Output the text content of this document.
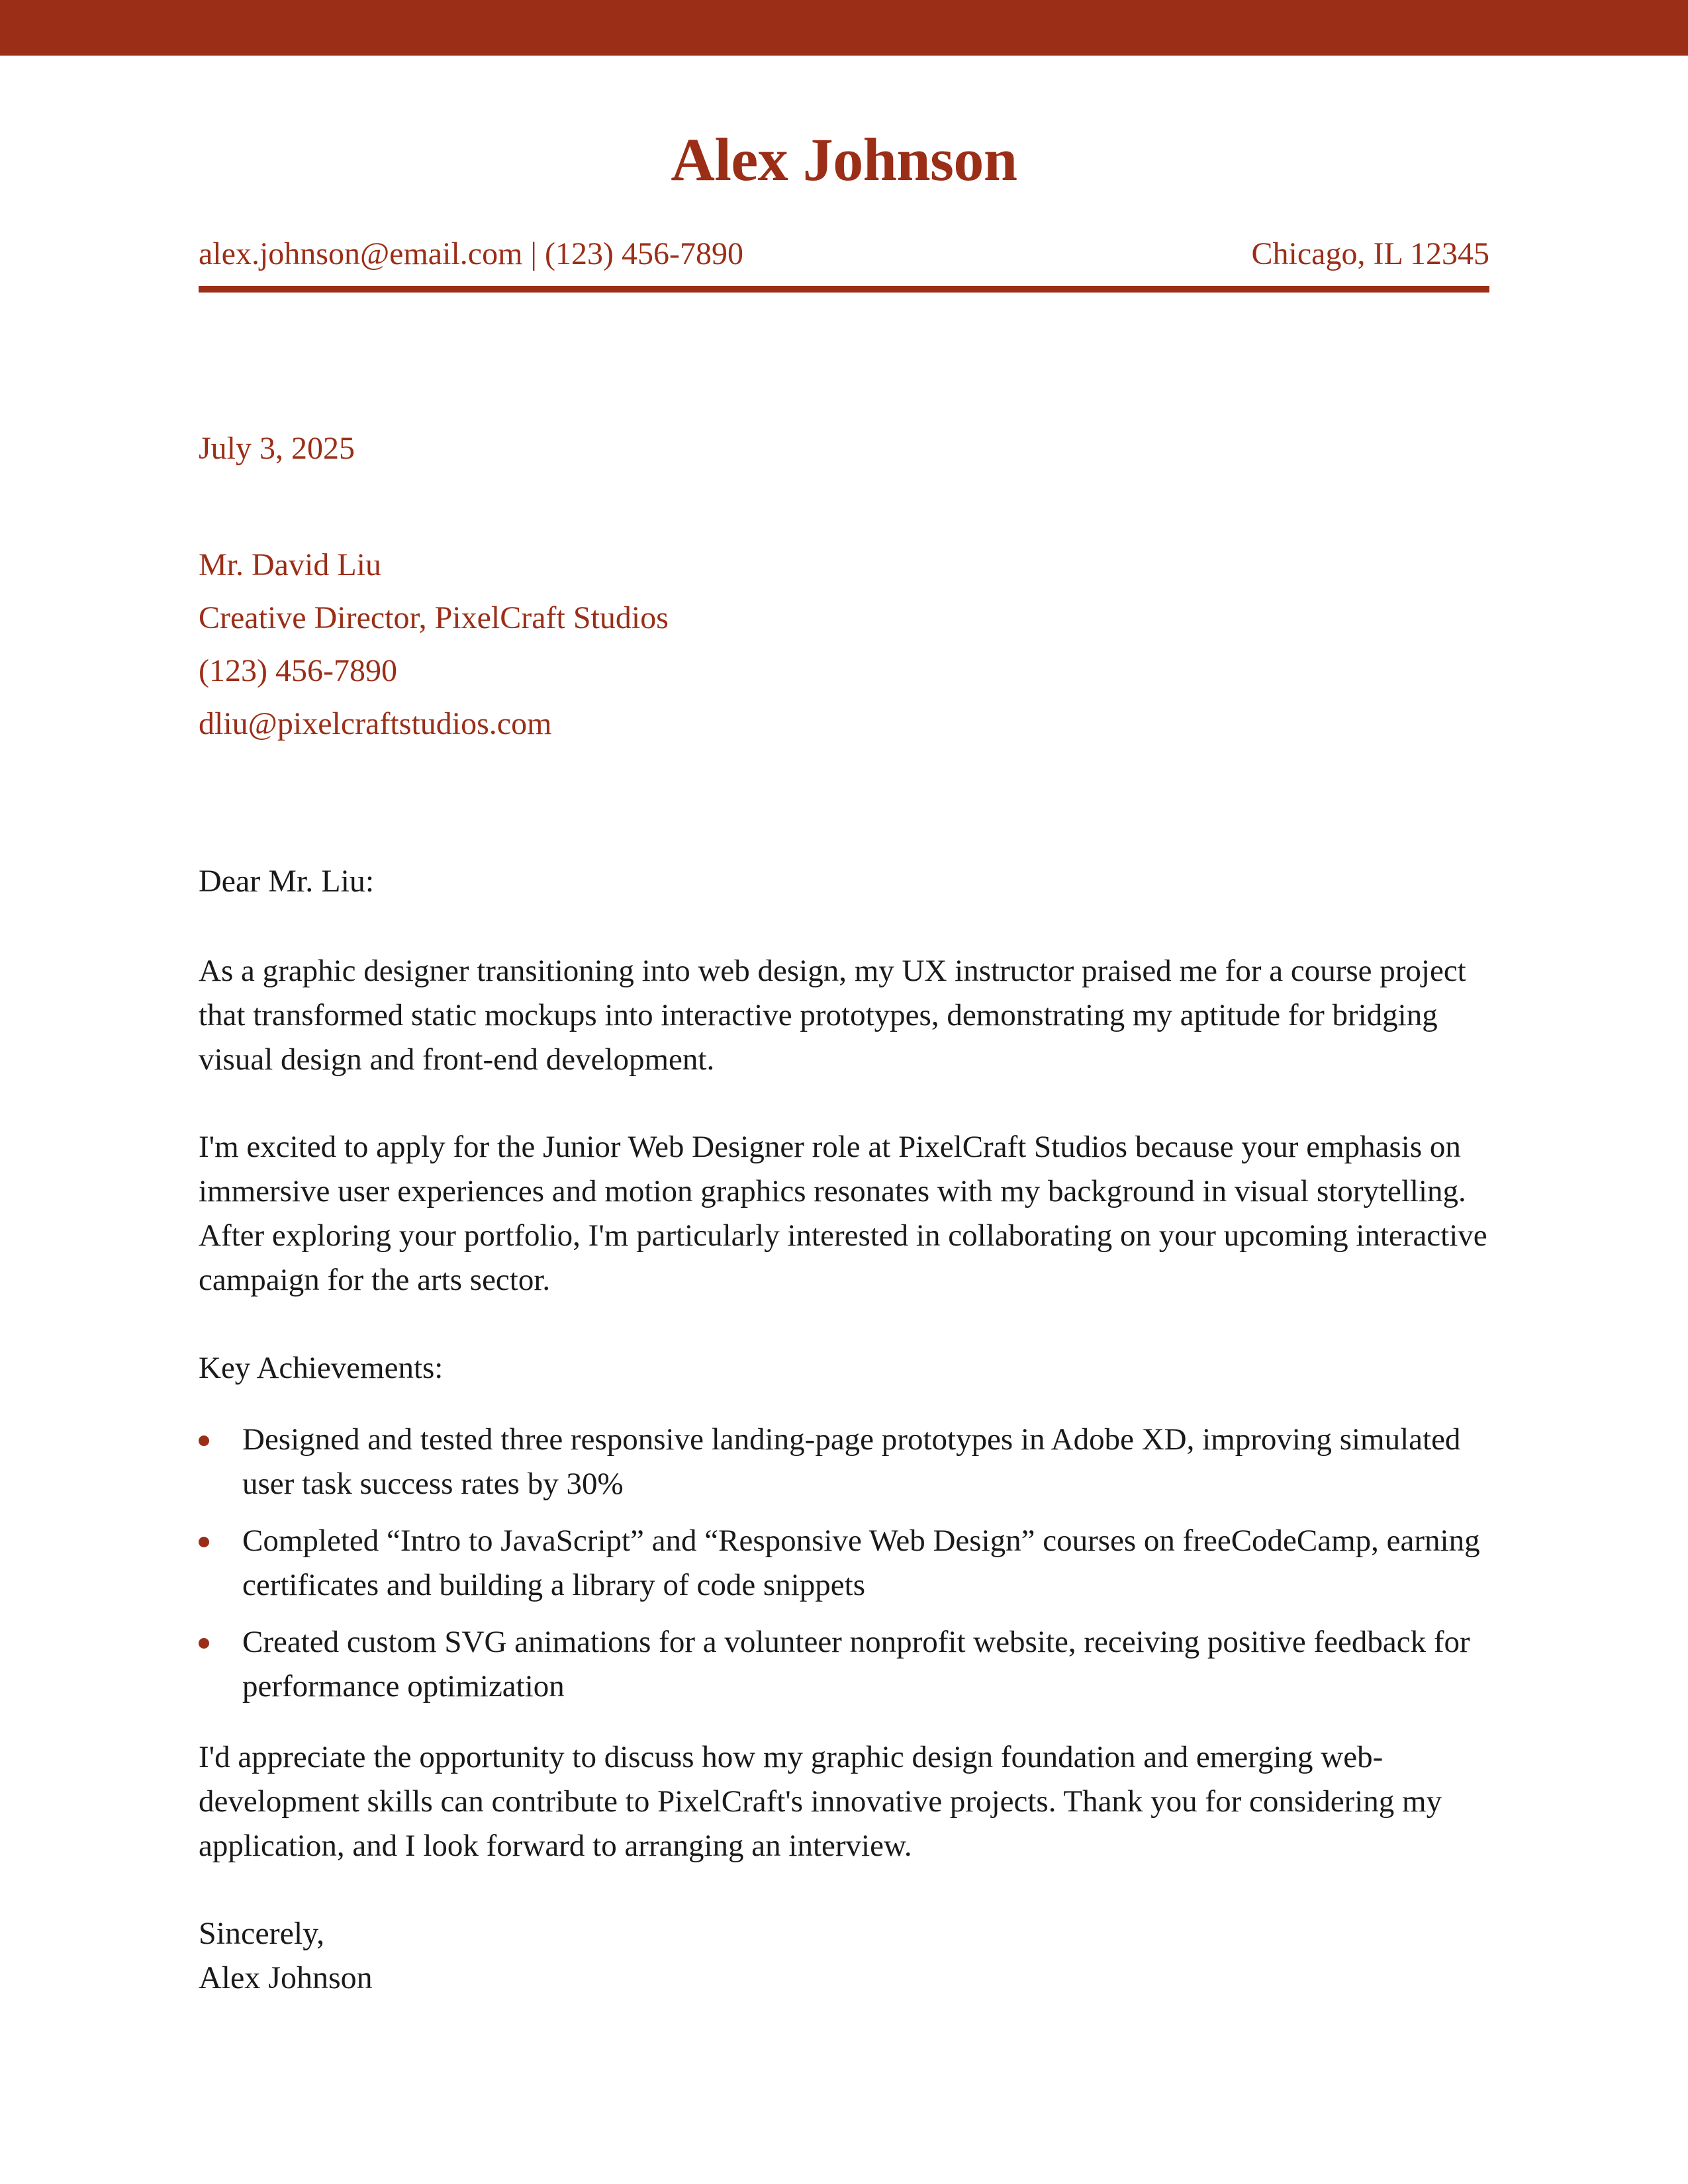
Alex Johnson
alex.johnson@email.com | (123) 456-7890	Chicago, IL 12345
July 3, 2025
Mr. David Liu
Creative Director, PixelCraft Studios
(123) 456-7890
dliu@pixelcraftstudios.com
Dear Mr. Liu:

As a graphic designer transitioning into web design, my UX instructor praised me for a course project that transformed static mockups into interactive prototypes, demonstrating my aptitude for bridging visual design and front-end development.

I'm excited to apply for the Junior Web Designer role at PixelCraft Studios because your emphasis on immersive user experiences and motion graphics resonates with my background in visual storytelling. After exploring your portfolio, I'm particularly interested in collaborating on your upcoming interactive campaign for the arts sector.

Key Achievements:

Designed and tested three responsive landing-page prototypes in Adobe XD, improving simulated user task success rates by 30%
Completed “Intro to JavaScript” and “Responsive Web Design” courses on freeCodeCamp, earning certificates and building a library of code snippets
Created custom SVG animations for a volunteer nonprofit website, receiving positive feedback for performance optimization

I'd appreciate the opportunity to discuss how my graphic design foundation and emerging web-development skills can contribute to PixelCraft's innovative projects. Thank you for considering my application, and I look forward to arranging an interview.

Sincerely,
Alex Johnson
